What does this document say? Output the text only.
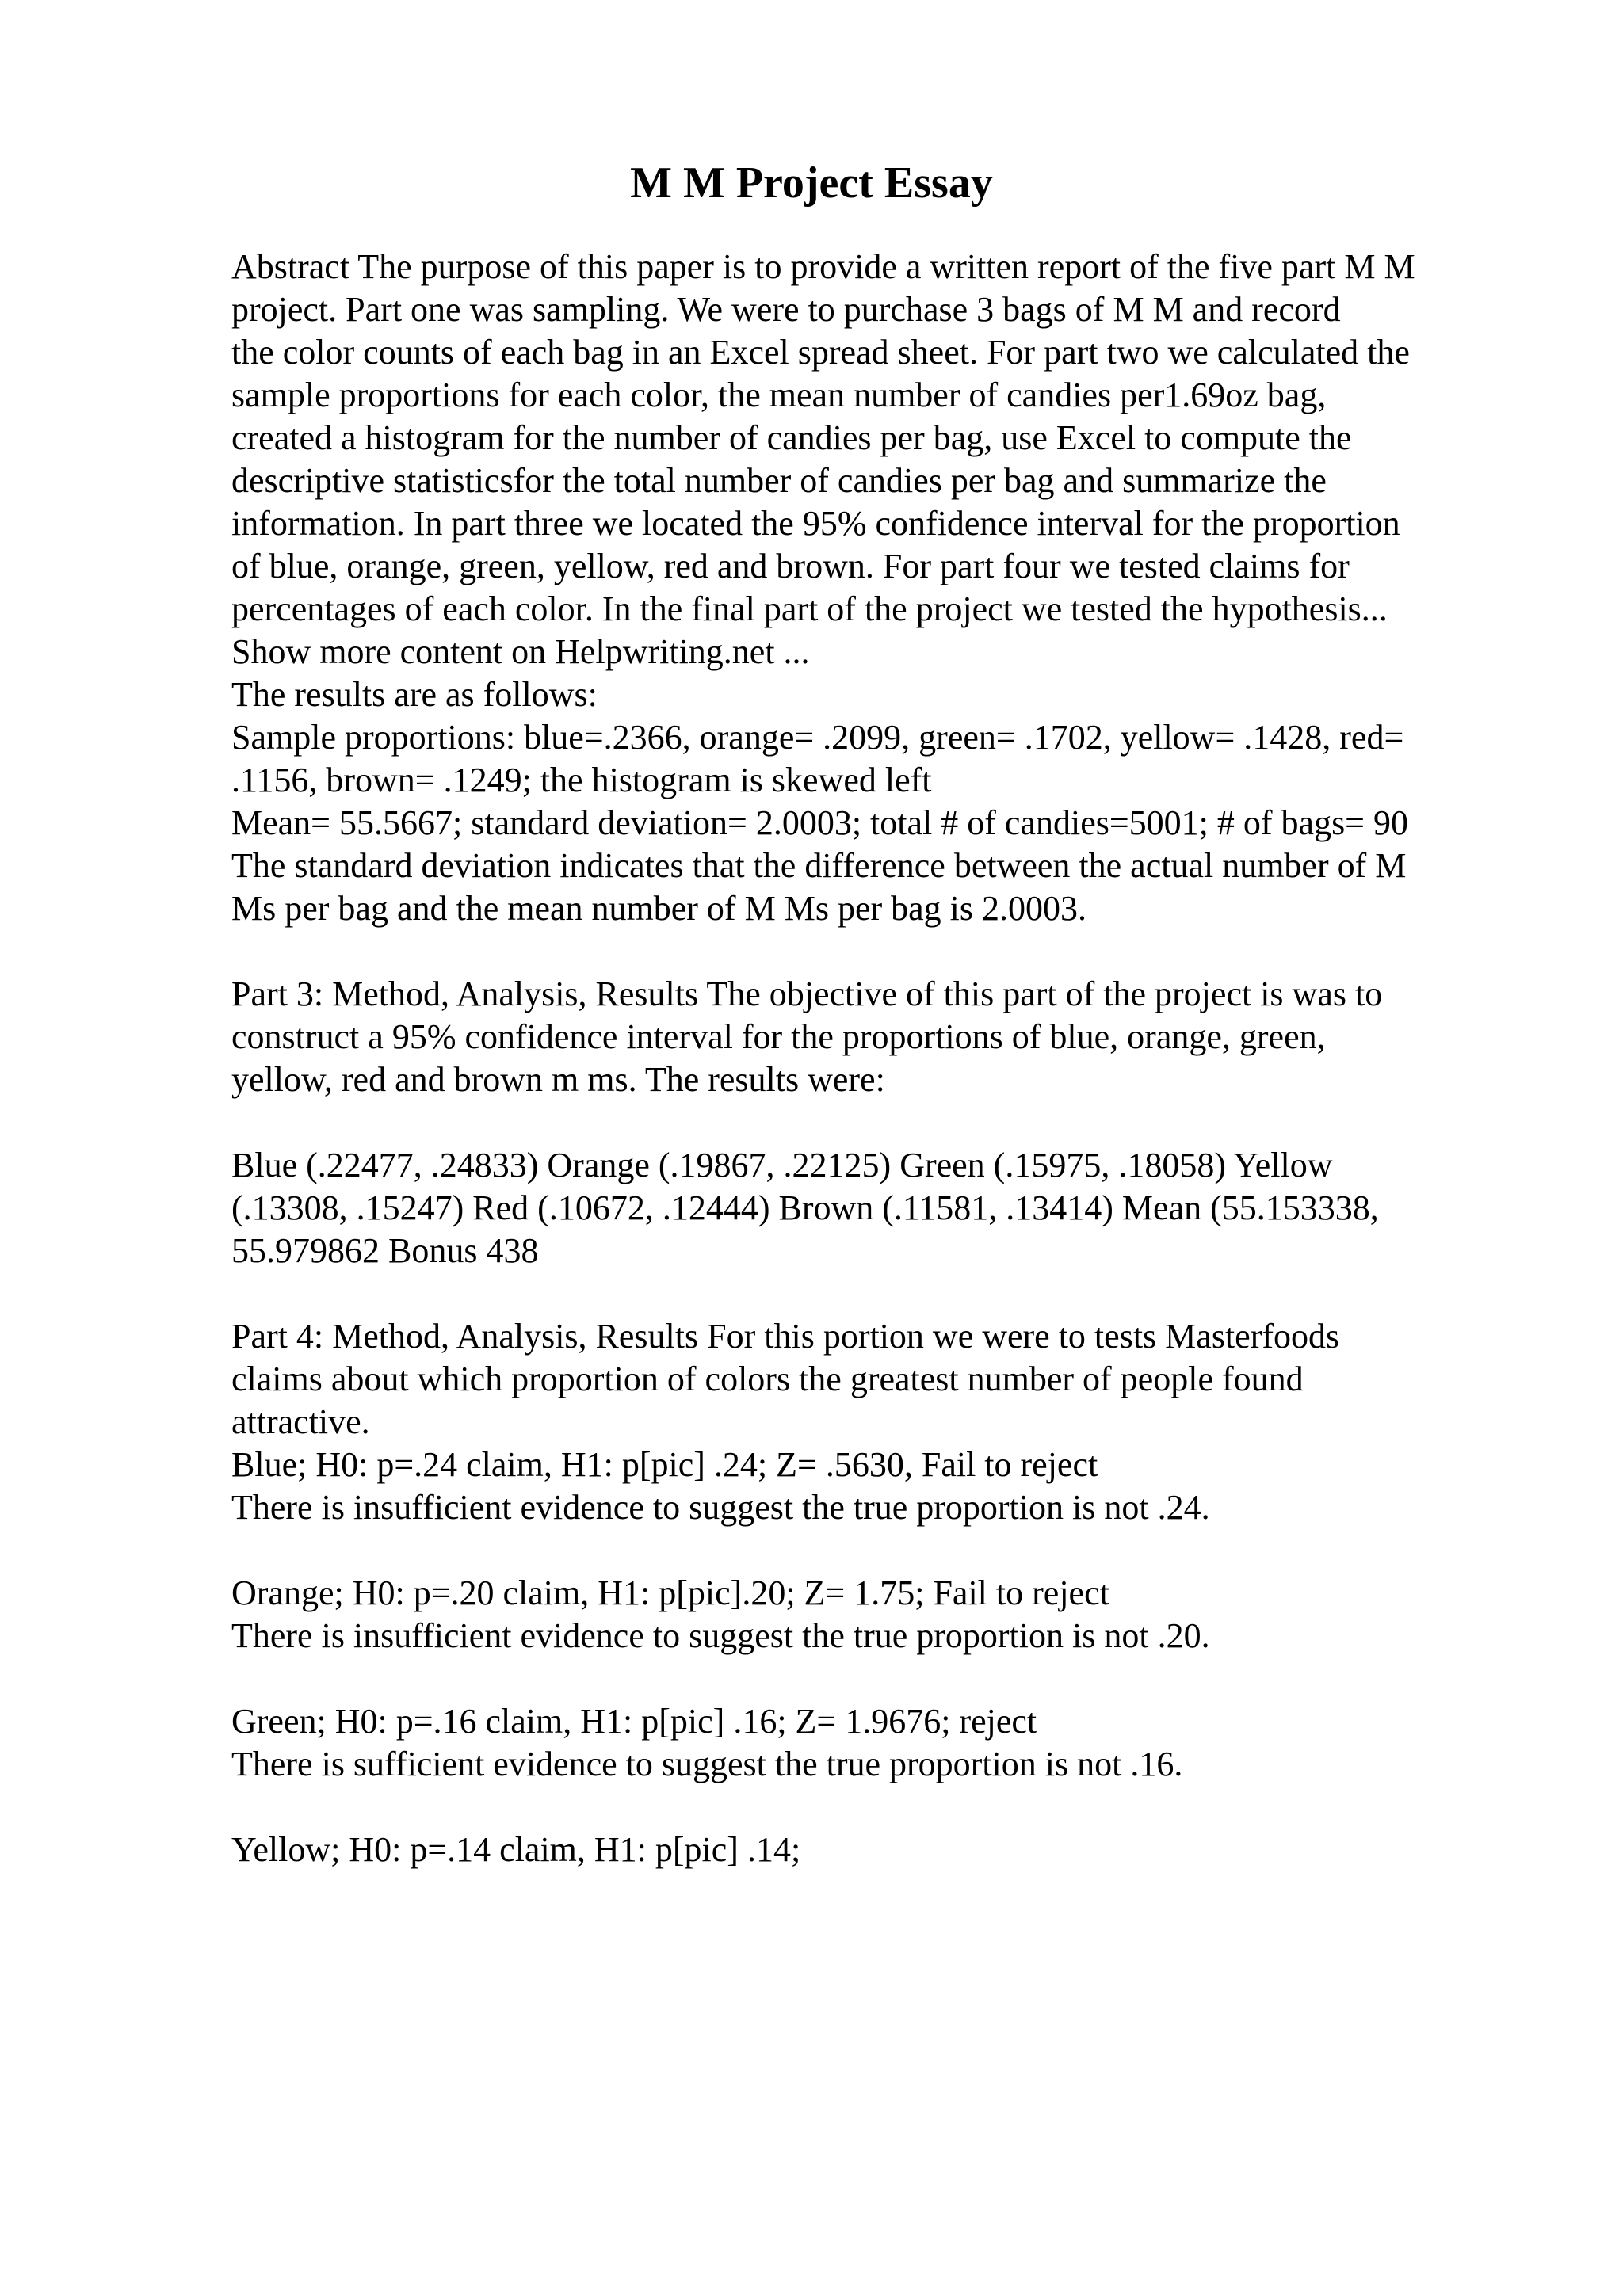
M M Project Essay
Abstract The purpose of this paper is to provide a written report of the five part M M
project. Part one was sampling. We were to purchase 3 bags of M M and record
the color counts of each bag in an Excel spread sheet. For part two we calculated the
sample proportions for each color, the mean number of candies per1.69oz bag,
created a histogram for the number of candies per bag, use Excel to compute the
descriptive statisticsfor the total number of candies per bag and summarize the
information. In part three we located the 95% confidence interval for the proportion
of blue, orange, green, yellow, red and brown. For part four we tested claims for
percentages of each color. In the final part of the project we tested the hypothesis...
Show more content on Helpwriting.net ...
The results are as follows:
Sample proportions: blue=.2366, orange= .2099, green= .1702, yellow= .1428, red=
.1156, brown= .1249; the histogram is skewed left
Mean= 55.5667; standard deviation= 2.0003; total # of candies=5001; # of bags= 90
The standard deviation indicates that the difference between the actual number of M
Ms per bag and the mean number of M Ms per bag is 2.0003.
Part 3: Method, Analysis, Results The objective of this part of the project is was to
construct a 95% confidence interval for the proportions of blue, orange, green,
yellow, red and brown m ms. The results were:
Blue (.22477, .24833) Orange (.19867, .22125) Green (.15975, .18058) Yellow
(.13308, .15247) Red (.10672, .12444) Brown (.11581, .13414) Mean (55.153338,
55.979862 Bonus 438
Part 4: Method, Analysis, Results For this portion we were to tests Masterfoods
claims about which proportion of colors the greatest number of people found
attractive.
Blue; H0: p=.24 claim, H1: p[pic] .24; Z= .5630, Fail to reject
There is insufficient evidence to suggest the true proportion is not .24.
Orange; H0: p=.20 claim, H1: p[pic].20; Z= 1.75; Fail to reject
There is insufficient evidence to suggest the true proportion is not .20.
Green; H0: p=.16 claim, H1: p[pic] .16; Z= 1.9676; reject
There is sufficient evidence to suggest the true proportion is not .16.
Yellow; H0: p=.14 claim, H1: p[pic] .14;
